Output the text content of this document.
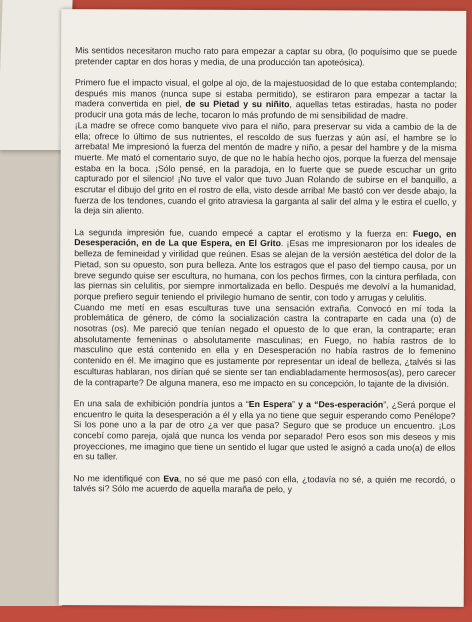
Mis sentidos necesitaron mucho rato para empezar a captar su obra, (lo poquísimo que se puede pretender captar en dos horas y media, de una producción tan apoteósica).

Primero fue el impacto visual, el golpe al ojo, de la majestuosidad de lo que estaba contemplando; después mis manos (nunca supe si estaba permitido), se estiraron para empezar a tactar la madera convertida en piel, de su Pietad y su niñito, aquellas tetas estiradas, hasta no poder producir una gota más de leche, tocaron lo más profundo de mi sensibilidad de madre.

¡La madre se ofrece como banquete vivo para el niño, para preservar su vida a cambio de la de ella; ofrece lo último de sus nutrientes, el rescoldo de sus fuerzas y aún así, el hambre se lo arrebata! Me impresionó la fuerza del mentón de madre y niño, a pesar del hambre y de la misma muerte. Me mató el comentario suyo, de que no le había hecho ojos, porque la fuerza del mensaje estaba en la boca. ¡Sólo pensé, en la paradoja, en lo fuerte que se puede escuchar un grito capturado por el silencio! ¡No tuve el valor que tuvo Juan Rolando de subirse en el banquillo, a escrutar el dibujo del grito en el rostro de ella, visto desde arriba! Me bastó con ver desde abajo, la fuerza de los tendones, cuando el grito atraviesa la garganta al salir del alma y le estira el cuello, y la deja sin aliento.

La segunda impresión fue, cuando empecé a captar el erotismo y la fuerza en: Fuego, en Desesperación, en de La que Espera, en El Grito. ¡Esas me impresionaron por los ideales de belleza de femineidad y virilidad que reúnen. Esas se alejan de la versión aestética del dolor de la Pietad, son su opuesto, son pura belleza. Ante los estragos que el paso del tiempo causa, por un breve segundo quise ser escultura, no humana, con los pechos firmes, con la cintura perfilada, con las piernas sin celulitis, por siempre inmortalizada en bello. Después me devolví a la humanidad, porque prefiero seguir teniendo el privilegio humano de sentir, con todo y arrugas y celulitis.

Cuando me metí en esas esculturas tuve una sensación extraña. Convocó en mí toda la problemática de género, de cómo la socialización castra la contraparte en cada una (o) de nosotras (os). Me pareció que tenían negado el opuesto de lo que eran, la contraparte; eran absolutamente femeninas o absolutamente masculinas; en Fuego, no había rastros de lo masculino que está contenido en ella y en Desesperación no había rastros de lo femenino contenido en él. Me imagino que es justamente por representar un ideal de belleza, ¿talvés si las esculturas hablaran, nos dirían qué se siente ser tan endiabladamente hermosos(as), pero carecer de la contraparte? De alguna manera, eso me impacto en su concepción, lo tajante de la división.

En una sala de exhibición pondría juntos a “En Espera” y a “Des-esperación”, ¿Será porque el encuentro le quita la desesperación a él y ella ya no tiene que seguir esperando como Penélope? Si los pone uno a la par de otro ¿a ver que pasa? Seguro que se produce un encuentro. ¡Los concebí como pareja, ojalá que nunca los venda por separado! Pero esos son mis deseos y mis proyecciones, me imagino que tiene un sentido el lugar que usted le asignó a cada uno(a) de ellos en su taller.

No me identifiqué con Eva, no sé que me pasó con ella, ¿todavía no sé, a quién me recordó, o talvés si? Sólo me acuerdo de aquella maraña de pelo, y
